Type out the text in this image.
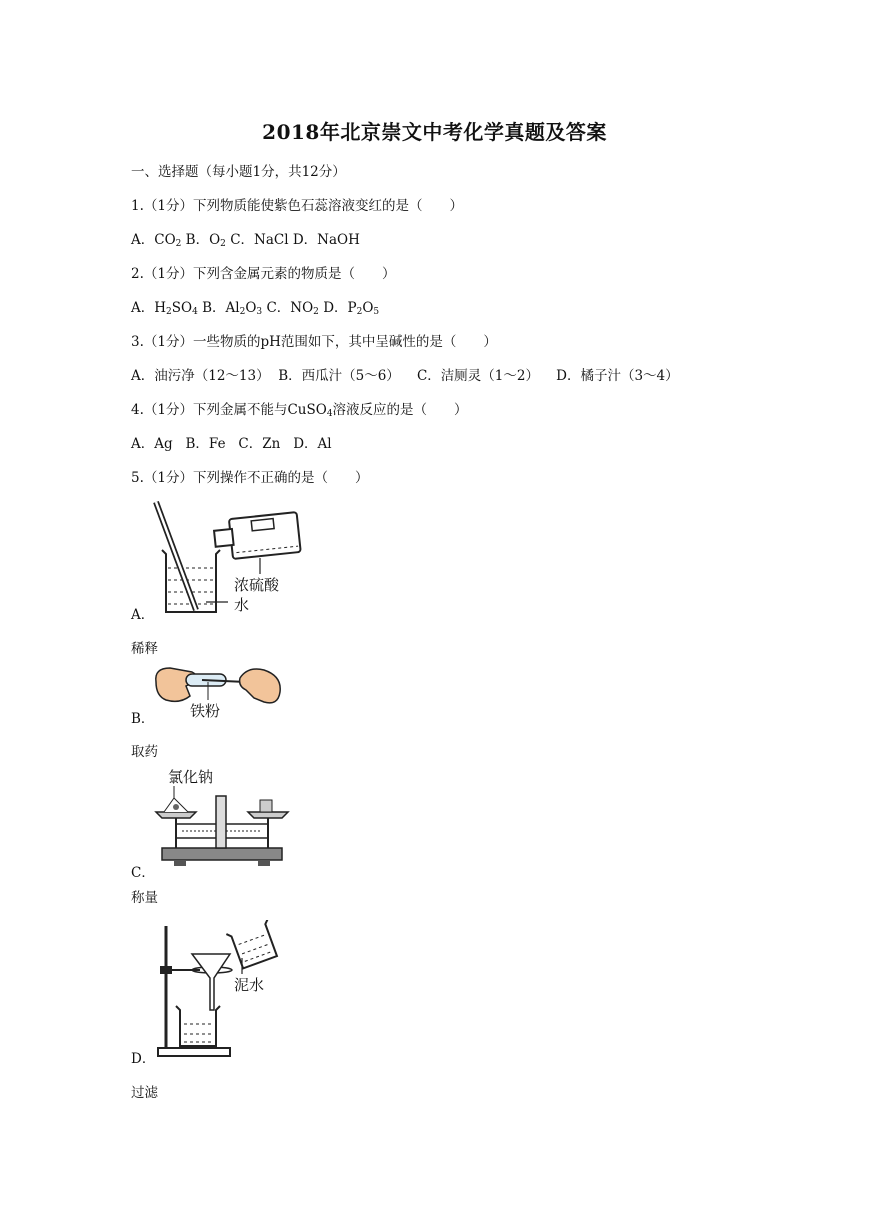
2018年北京崇文中考化学真题及答案
一、选择题（每小题1分，共12分）
1.（1分）下列物质能使紫色石蕊溶液变红的是（　　）
A．$CO_2$ B．$O_2$ C．NaCl D．NaOH
2.（1分）下列含金属元素的物质是（　　）
A．$H_2SO_4$ B．$Al_2O_3$ C．$NO_2$ D．$P_2O_5$
3.（1分）一些物质的pH范围如下，其中呈碱性的是（　　）
A．油污净（12～13）  B．西瓜汁（5～6）    C．洁厕灵（1～2）    D．橘子汁（3～4）
4.（1分）下列金属不能与CuSO$_4$溶液反应的是（　　）
A．Ag   B．Fe   C．Zn   D．Al
5.（1分）下列操作不正确的是（　　）
浓硫酸
水
A．
稀释
铁粉
B．
取药
氯化钠
C．
称量
泥水
D．
过滤
